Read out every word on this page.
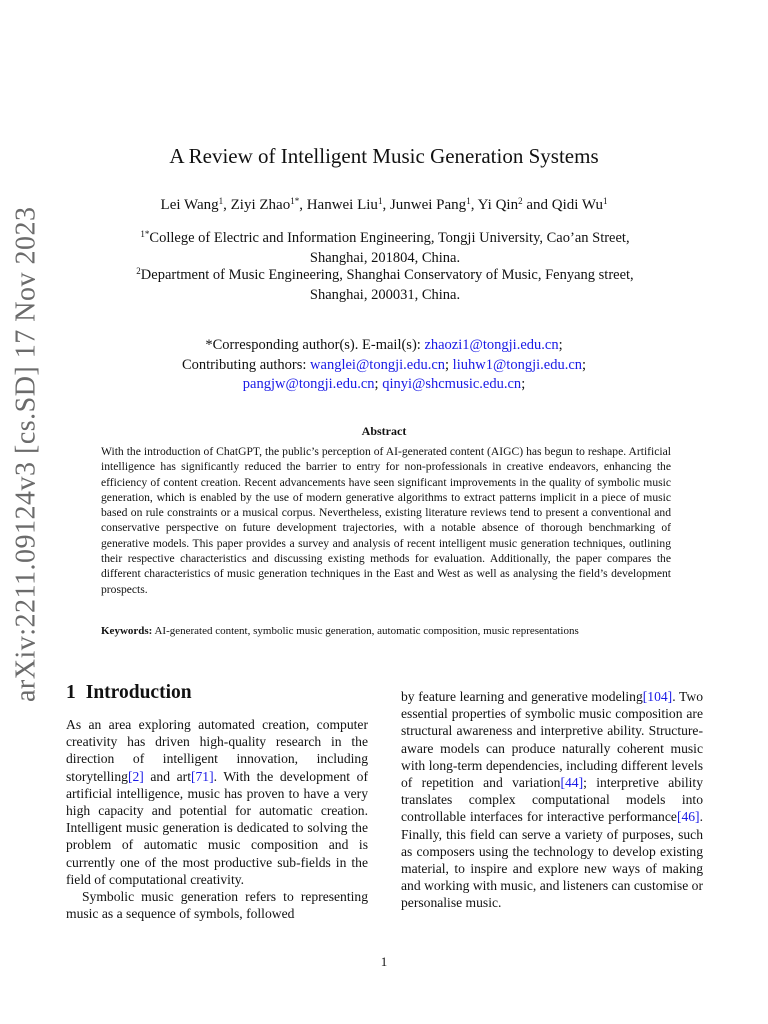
arXiv:2211.09124v3 [cs.SD] 17 Nov 2023
A Review of Intelligent Music Generation Systems
Lei Wang$^1$, Ziyi Zhao$^{1*}$, Hanwei Liu$^1$, Junwei Pang$^1$, Yi Qin$^2$ and Qidi Wu$^1$
$^{1*}$College of Electric and Information Engineering, Tongji University, Cao’an Street,
Shanghai, 201804, China.
$^2$Department of Music Engineering, Shanghai Conservatory of Music, Fenyang street,
Shanghai, 200031, China.
*Corresponding author(s). E-mail(s): zhaozi1@tongji.edu.cn;
Contributing authors: wanglei@tongji.edu.cn; liuhw1@tongji.edu.cn;
pangjw@tongji.edu.cn; qinyi@shcmusic.edu.cn;
Abstract
With the introduction of ChatGPT, the public’s perception of AI-generated content (AIGC) has begun to reshape. Artificial intelligence has significantly reduced the barrier to entry for non-professionals in creative endeavors, enhancing the efficiency of content creation. Recent advancements have seen significant improvements in the quality of symbolic music generation, which is enabled by the use of modern generative algorithms to extract patterns implicit in a piece of music based on rule constraints or a musical corpus. Nevertheless, existing literature reviews tend to present a conventional and conservative perspective on future development trajectories, with a notable absence of thorough benchmarking of generative models. This paper provides a survey and analysis of recent intelligent music generation techniques, outlining their respective characteristics and discussing existing methods for evaluation. Additionally, the paper compares the different characteristics of music generation techniques in the East and West as well as analysing the field’s development prospects.
Keywords: AI-generated content, symbolic music generation, automatic composition, music representations
1 Introduction

As an area exploring automated creation, computer creativity has driven high-quality research in the direction of intelligent innovation, including storytelling[2] and art[71]. With the development of artificial intelligence, music has proven to have a very high capacity and potential for automatic creation. Intelligent music generation is dedicated to solving the problem of automatic music composition and is currently one of the most productive sub-fields in the field of computational creativity.

Symbolic music generation refers to representing music as a sequence of symbols, followed

by feature learning and generative modeling[104]. Two essential properties of symbolic music composition are structural awareness and interpretive ability. Structure-aware models can produce naturally coherent music with long-term dependencies, including different levels of repetition and variation[44]; interpretive ability translates complex computational models into controllable interfaces for interactive performance[46]. Finally, this field can serve a variety of purposes, such as composers using the technology to develop existing material, to inspire and explore new ways of making and working with music, and listeners can customise or personalise music.

1
